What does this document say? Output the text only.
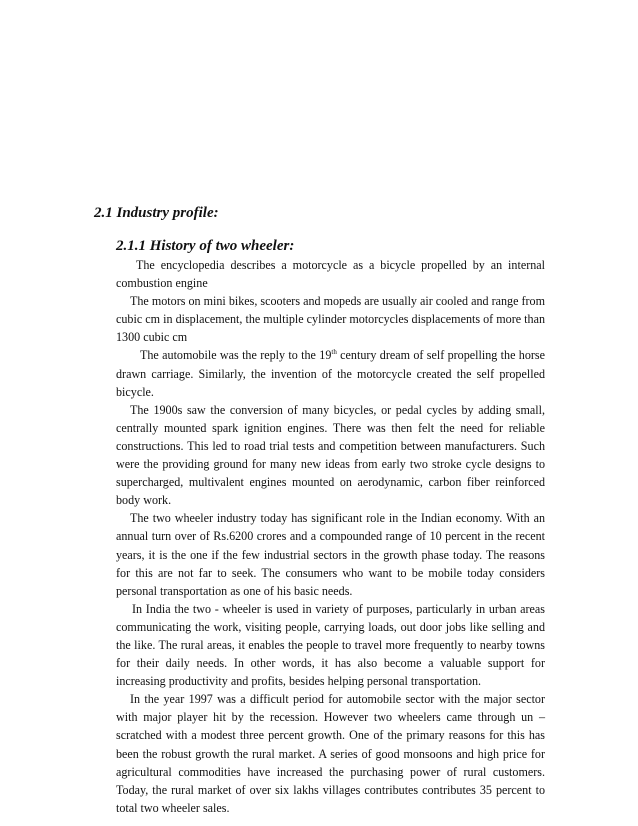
2.1 Industry profile:
2.1.1 History of two wheeler:

The encyclopedia describes a motorcycle as a bicycle propelled by an internal combustion engine

The motors on mini bikes, scooters and mopeds are usually air cooled and range from cubic cm in displacement, the multiple cylinder motorcycles displacements of more than 1300 cubic cm

The automobile was the reply to the 19th century dream of self propelling the horse drawn carriage. Similarly, the invention of the motorcycle created the self propelled bicycle.

The 1900s saw the conversion of many bicycles, or pedal cycles by adding small, centrally mounted spark ignition engines. There was then felt the need for reliable constructions. This led to road trial tests and competition between manufacturers. Such were the providing ground for many new ideas from early two stroke cycle designs to supercharged, multivalent engines mounted on aerodynamic, carbon fiber reinforced body work.

The two wheeler industry today has significant role in the Indian economy. With an annual turn over of Rs.6200 crores and a compounded range of 10 percent in the recent years, it is the one if the few industrial sectors in the growth phase today. The reasons for this are not far to seek. The consumers who want to be mobile today considers personal transportation as one of his basic needs.

In India the two - wheeler is used in variety of purposes, particularly in urban areas communicating the work, visiting people, carrying loads, out door jobs like selling and the like. The rural areas, it enables the people to travel more frequently to nearby towns for their daily needs. In other words, it has also become a valuable support for increasing productivity and profits, besides helping personal transportation.

In the year 1997 was a difficult period for automobile sector with the major sector with major player hit by the recession. However two wheelers came through un – scratched with a modest three percent growth. One of the primary reasons for this has been the robust growth the rural market. A series of good monsoons and high price for agricultural commodities have increased the purchasing power of rural customers. Today, the rural market of over six lakhs villages contributes contributes 35 percent to total two wheeler sales.
